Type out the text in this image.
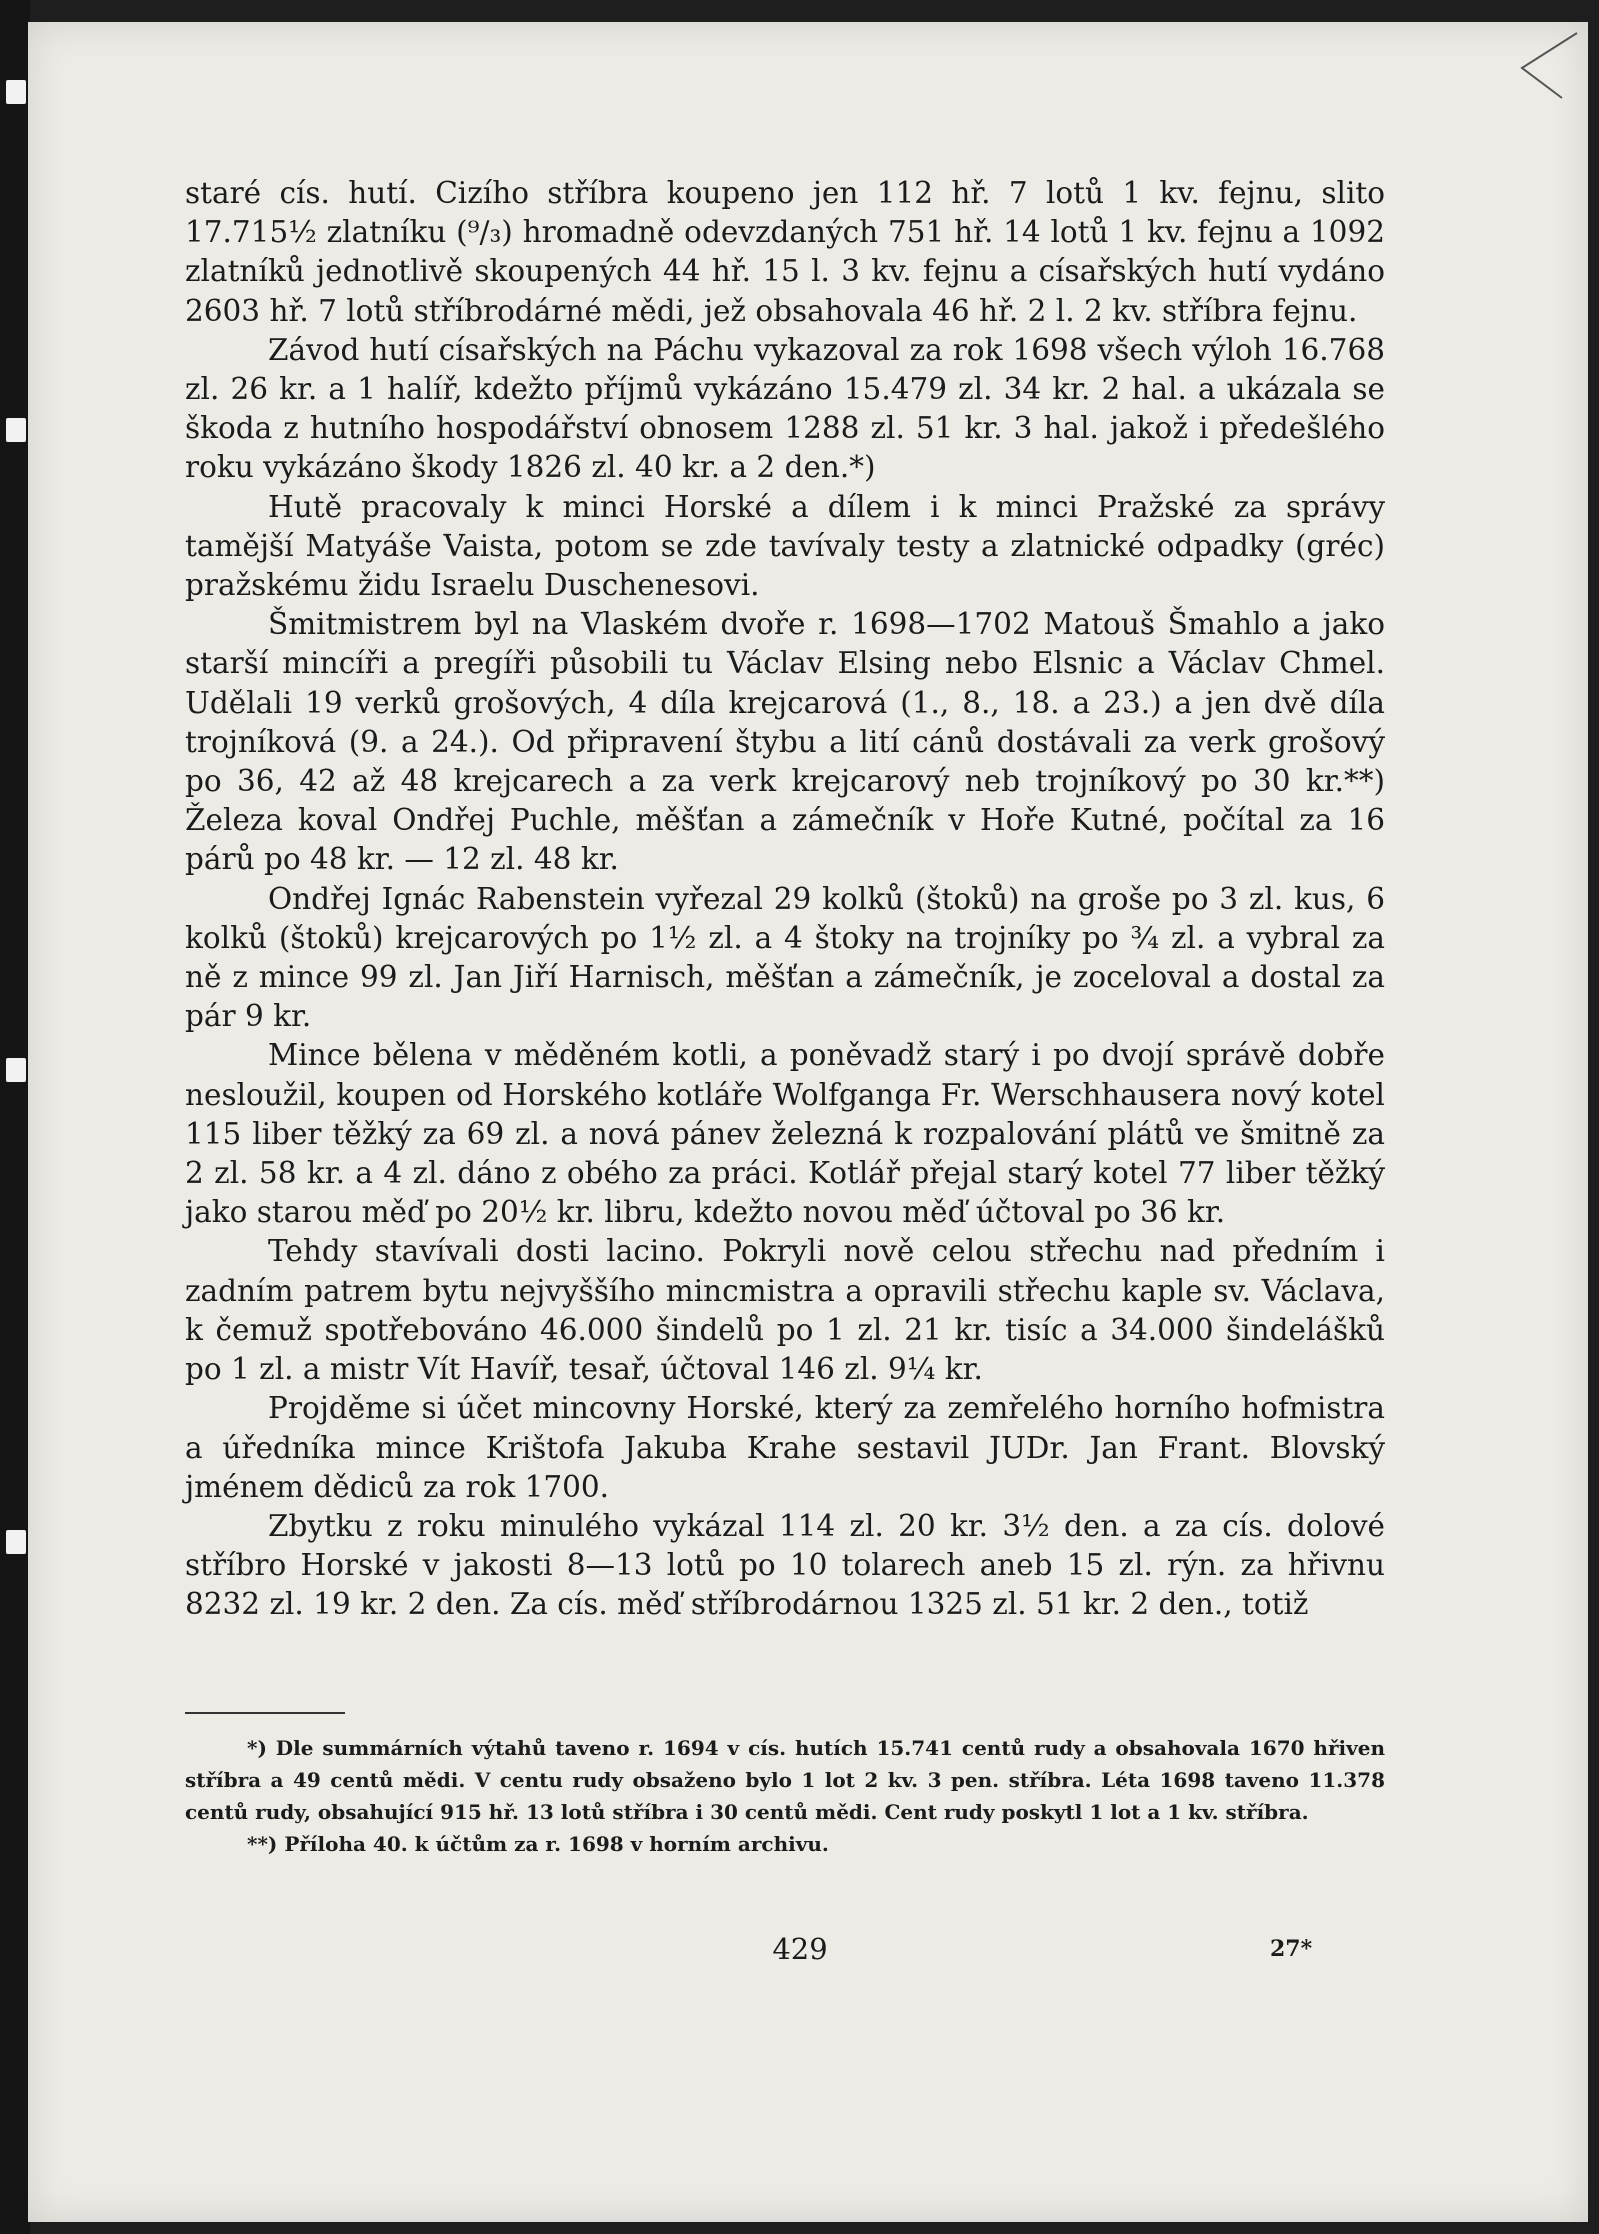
staré cís. hutí. Cizího stříbra koupeno jen 112 hř. 7 lotů 1 kv. fejnu, slito 17.715½ zlatníku (⁹/₃) hromadně odevzdaných 751 hř. 14 lotů 1 kv. fejnu a 1092 zlatníků jednotlivě skoupených 44 hř. 15 l. 3 kv. fejnu a císařských hutí vydáno 2603 hř. 7 lotů stříbrodárné mědi, jež obsahovala 46 hř. 2 l. 2 kv. stříbra fejnu.

Závod hutí císařských na Páchu vykazoval za rok 1698 všech výloh 16.768 zl. 26 kr. a 1 halíř, kdežto příjmů vykázáno 15.479 zl. 34 kr. 2 hal. a ukázala se škoda z hutního hospodářství obnosem 1288 zl. 51 kr. 3 hal. jakož i předešlého roku vykázáno škody 1826 zl. 40 kr. a 2 den.*)

Hutě pracovaly k minci Horské a dílem i k minci Pražské za správy tamější Matyáše Vaista, potom se zde tavívaly testy a zlatnické odpadky (gréc) pražskému židu Israelu Duschenesovi.

Šmitmistrem byl na Vlaském dvoře r. 1698—1702 Matouš Šmahlo a jako starší mincíři a pregíři působili tu Václav Elsing nebo Elsnic a Václav Chmel. Udělali 19 verků grošových, 4 díla krejcarová (1., 8., 18. a 23.) a jen dvě díla trojníková (9. a 24.). Od připravení štybu a lití cánů dostávali za verk grošový po 36, 42 až 48 krejcarech a za verk krejcarový neb trojníkový po 30 kr.**) Železa koval Ondřej Puchle, měšťan a zámečník v Hoře Kutné, počítal za 16 párů po 48 kr. — 12 zl. 48 kr.

Ondřej Ignác Rabenstein vyřezal 29 kolků (štoků) na groše po 3 zl. kus, 6 kolků (štoků) krejcarových po 1½ zl. a 4 štoky na trojníky po ¾ zl. a vybral za ně z mince 99 zl. Jan Jiří Harnisch, měšťan a zámečník, je zoceloval a dostal za pár 9 kr.

Mince bělena v měděném kotli, a poněvadž starý i po dvojí správě dobře nesloužil, koupen od Horského kotláře Wolfganga Fr. Werschhausera nový kotel 115 liber těžký za 69 zl. a nová pánev železná k rozpalování plátů ve šmitně za 2 zl. 58 kr. a 4 zl. dáno z obého za práci. Kotlář přejal starý kotel 77 liber těžký jako starou měď po 20½ kr. libru, kdežto novou měď účtoval po 36 kr.

Tehdy stavívali dosti lacino. Pokryli nově celou střechu nad předním i zadním patrem bytu nejvyššího mincmistra a opravili střechu kaple sv. Václava, k čemuž spotřebováno 46.000 šindelů po 1 zl. 21 kr. tisíc a 34.000 šindelášků po 1 zl. a mistr Vít Havíř, tesař, účtoval 146 zl. 9¼ kr.

Projděme si účet mincovny Horské, který za zemřelého horního hofmistra a úředníka mince Krištofa Jakuba Krahe sestavil JUDr. Jan Frant. Blovský jménem dědiců za rok 1700.

Zbytku z roku minulého vykázal 114 zl. 20 kr. 3½ den. a za cís. dolové stříbro Horské v jakosti 8—13 lotů po 10 tolarech aneb 15 zl. rýn. za hřivnu 8232 zl. 19 kr. 2 den. Za cís. měď stříbrodárnou 1325 zl. 51 kr. 2 den., totiž

*) Dle summárních výtahů taveno r. 1694 v cís. hutích 15.741 centů rudy a obsahovala 1670 hřiven stříbra a 49 centů mědi. V centu rudy obsaženo bylo 1 lot 2 kv. 3 pen. stříbra. Léta 1698 taveno 11.378 centů rudy, obsahující 915 hř. 13 lotů stříbra i 30 centů mědi. Cent rudy poskytl 1 lot a 1 kv. stříbra.

**) Příloha 40. k účtům za r. 1698 v horním archivu.

429	27*
